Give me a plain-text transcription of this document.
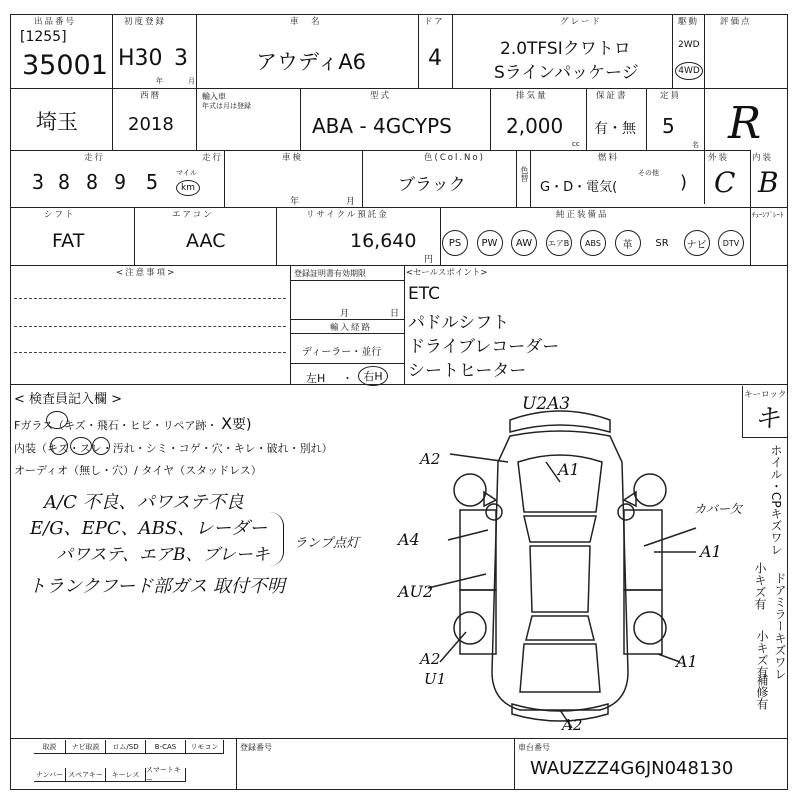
出品番号
[1255]
35001
初度登録
H30 3
年	月
車　名
アウディA6
ドア
4
グレード
2.0TFSIクワトロ
Sラインパッケージ
駆動
2WD
4WD
評価点
R
埼玉
西暦
2018
輸入車
年式は月は登録
型式
ABA - 4GCYPS
排気量
2,000
cc
保証書
有・無
定員
5
名
走行
3 8 8 9 5	マイル
km
走行	車検
年	月
色(Col.No)
ブラック
色替
燃料
G・D・電気(
その他 )
外装
C
内装
B
シフト
FAT
エアコン
AAC
リサイクル預託金
16,640
円
純正装備品	ﾁｪｰﾝﾌﾟﾚｰﾄ
PS	PW	AW	エアB	ABS	革	SR	ナビ	DTV
<注意事項>	登録証明書有効期限
月	日
輸入経路
ディーラー・並行
左H ・ 右H
<セールスポイント>
ETC
パドルシフト
ドライブレコーダー
シートヒーター
< 検査員記入欄 >
Fガラス（キズ・飛石・ヒビ・リペア跡・ X要)
内装（キズ・スレ・汚れ・シミ・コゲ・穴・キレ・破れ・別れ）
オーディオ（無し・穴）/ タイヤ（スタッドレス）
A/C 不良、パワステ不良
E/G、EPC、ABS、レーダー
パワステ、エアB、ブレーキ
トランクフード部ガス 取付不明
ランプ点灯
キーロック
キ
ホイル・CPキズワレ
小キズ有 ドアミラーキズワレ
小キズ有
補修有
U2A3
A2
A1
カバー欠
A4
A1
AU2
A2
U1
A1
A2
取説	ナビ取説	ロム/SD	B-CAS	リモコン
ナンバー スペアキー	キーレス
スマートキー
登録番号	車台番号
WAUZZZ4G6JN048130
